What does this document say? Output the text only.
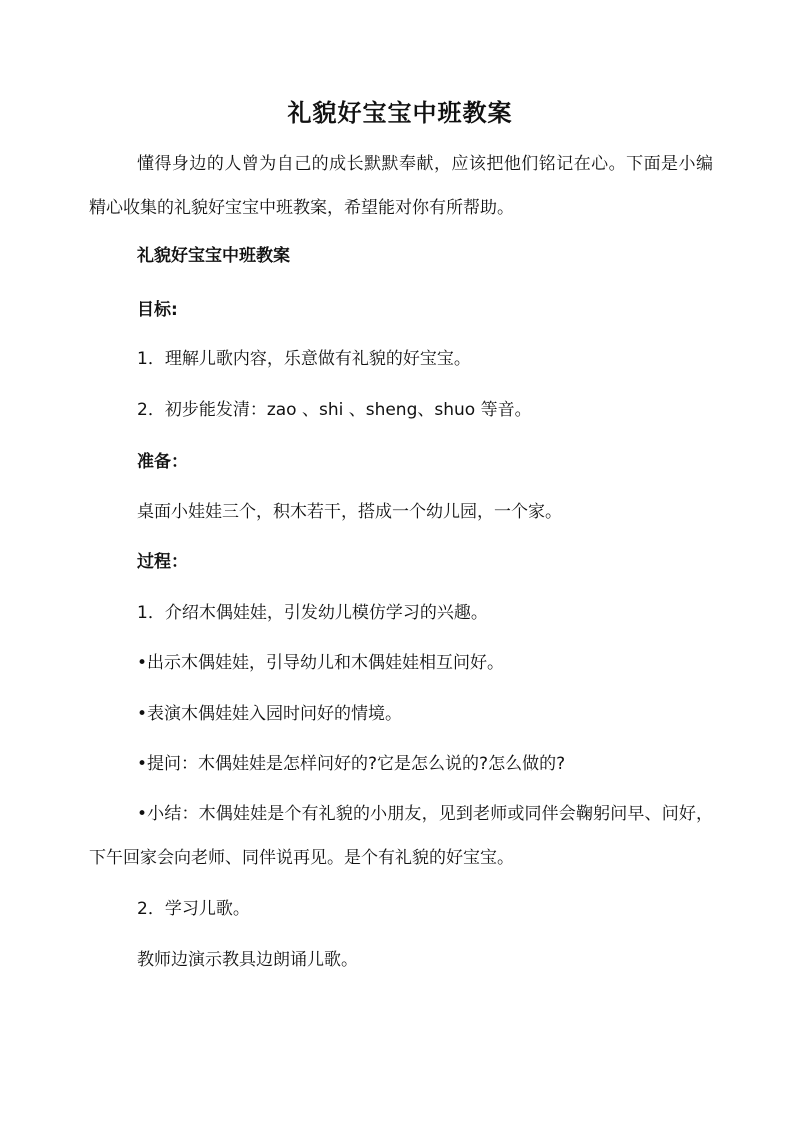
礼貌好宝宝中班教案
懂得身边的人曾为自己的成长默默奉献，应该把他们铭记在心。下面是小编精心收集的礼貌好宝宝中班教案，希望能对你有所帮助。
礼貌好宝宝中班教案
目标:
1．理解儿歌内容，乐意做有礼貌的好宝宝。
2．初步能发清：zao 、shi 、sheng、shuo 等音。
准备：
桌面小娃娃三个，积木若干，搭成一个幼儿园，一个家。
过程：
1．介绍木偶娃娃，引发幼儿模仿学习的兴趣。
•出示木偶娃娃，引导幼儿和木偶娃娃相互问好。
•表演木偶娃娃入园时问好的情境。
•提问：木偶娃娃是怎样问好的?它是怎么说的?怎么做的?
•小结：木偶娃娃是个有礼貌的小朋友，见到老师或同伴会鞠躬问早、问好，下午回家会向老师、同伴说再见。是个有礼貌的好宝宝。
2．学习儿歌。
教师边演示教具边朗诵儿歌。
